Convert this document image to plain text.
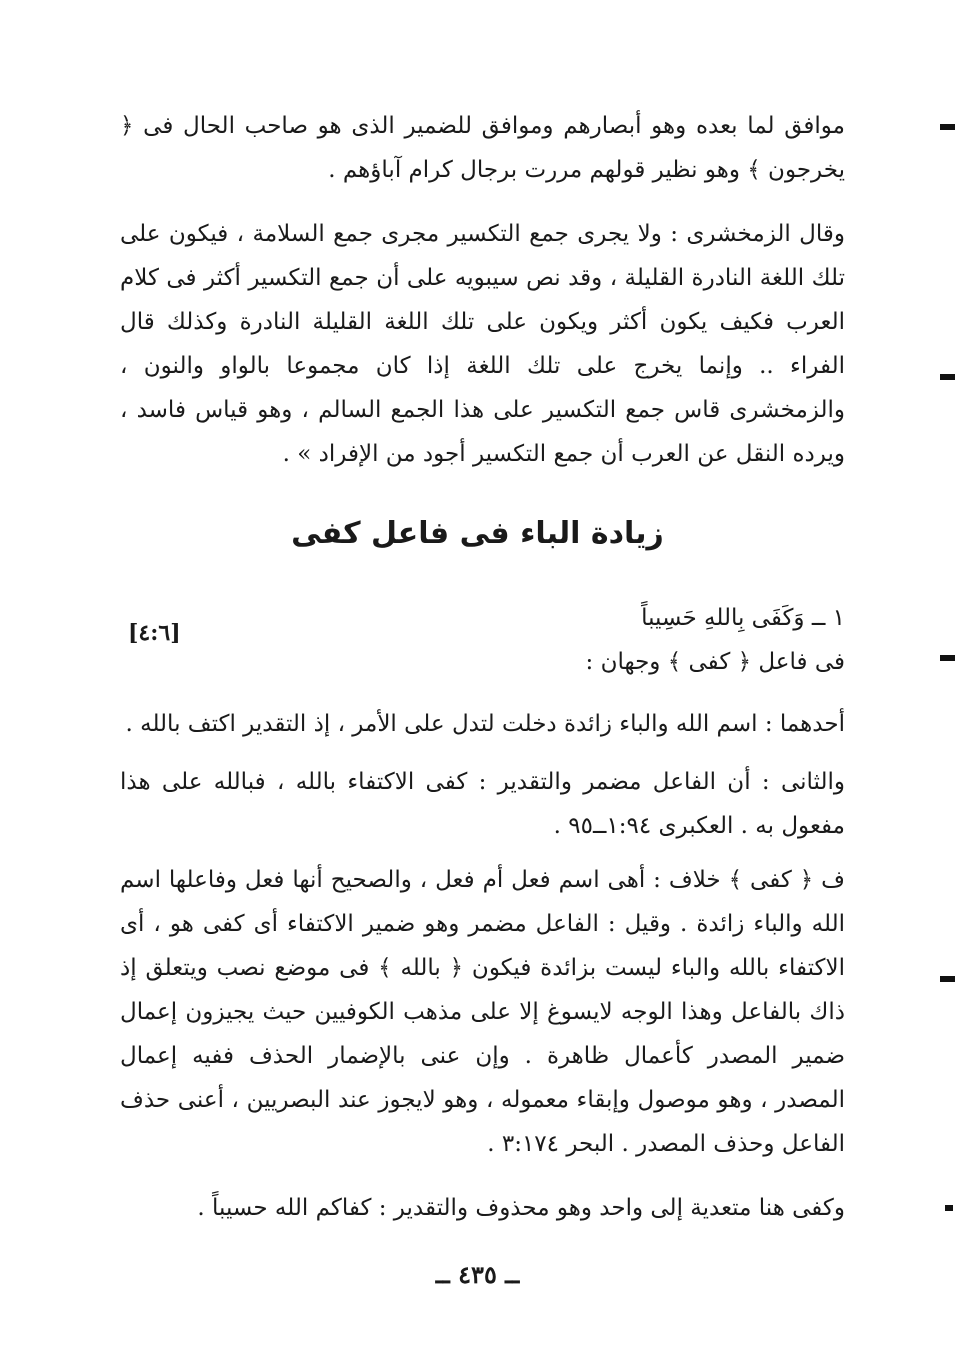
موافق لما بعده وهو أبصارهم وموافق للضمير الذى هو صاحب الحال فى ﴿ يخرجون ﴾ وهو نظير قولهم مررت برجال كرام آباؤهم .

وقال الزمخشرى : ولا يجرى جمع التكسير مجرى جمع السلامة ، فيكون على تلك اللغة النادرة القليلة ، وقد نص سيبويه على أن جمع التكسير أكثر فى كلام العرب فكيف يكون أكثر ويكون على تلك اللغة القليلة النادرة وكذلك قال الفراء .. وإنما يخرج على تلك اللغة إذا كان مجموعا بالواو والنون ، والزمخشرى قاس جمع التكسير على هذا الجمع السالم ، وهو قياس فاسد ، ويرده النقل عن العرب أن جمع التكسير أجود من الإفراد » .

زيادة الباء فى فاعل كفى
[٤:٦]
١ ــ وَكَفَى بِاللهِ حَسِيباً
فى فاعل ﴿ كفى ﴾ وجهان :

أحدهما : اسم الله والباء زائدة دخلت لتدل على الأمر ، إذ التقدير اكتف بالله .

والثانى : أن الفاعل مضمر والتقدير : كفى الاكتفاء بالله ، فبالله على هذا مفعول به . العكبرى ١:٩٤ــ٩٥ .

ف ﴿ كفى ﴾ خلاف : أهى اسم فعل أم فعل ، والصحيح أنها فعل وفاعلها اسم الله والباء زائدة . وقيل : الفاعل مضمر وهو ضمير الاكتفاء أى كفى هو ، أى الاكتفاء بالله والباء ليست بزائدة فيكون ﴿ بالله ﴾ فى موضع نصب ويتعلق إذ ذاك بالفاعل وهذا الوجه لايسوغ إلا على مذهب الكوفيين حيث يجيزون إعمال ضمير المصدر كأعمال ظاهرة . وإن عنى بالإضمار الحذف ففيه إعمال المصدر ، وهو موصول وإبقاء معموله ، وهو لايجوز عند البصريين ، أعنى حذف الفاعل وحذف المصدر . البحر ٣:١٧٤ .

وكفى هنا متعدية إلى واحد وهو محذوف والتقدير : كفاكم الله حسيباً .

ــ ٤٣٥ ــ
